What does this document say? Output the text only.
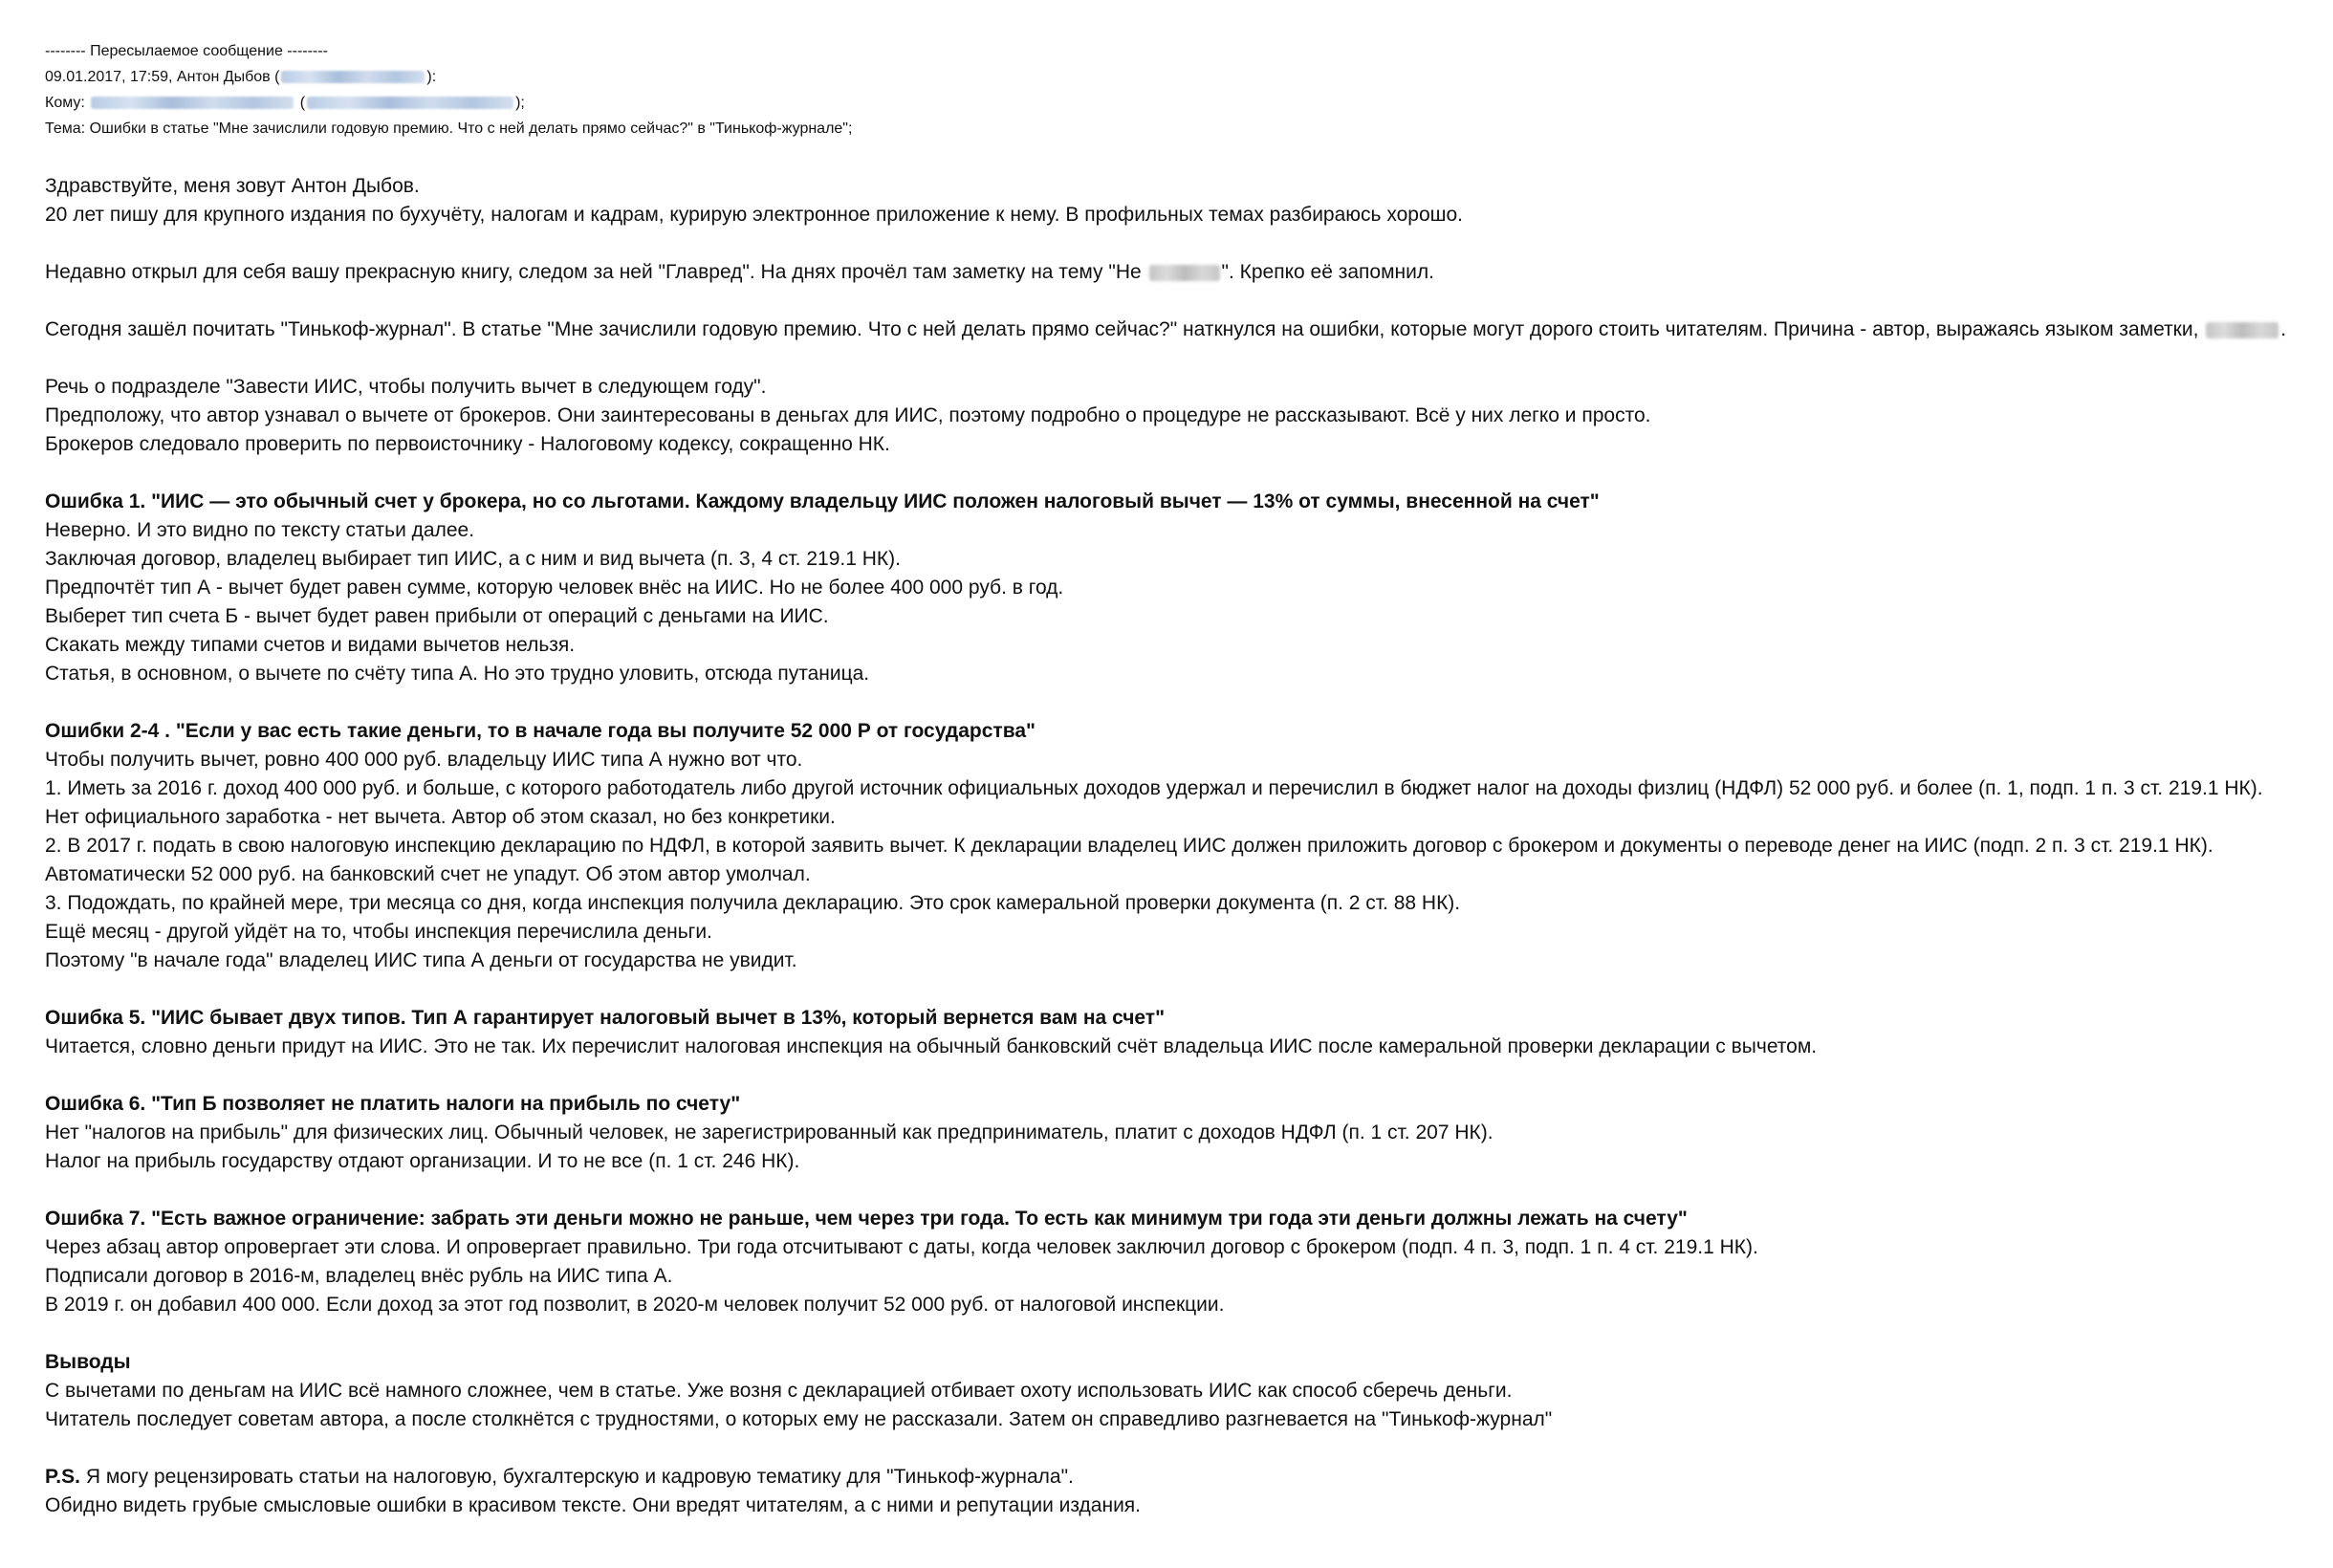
-------- Пересылаемое сообщение --------
09.01.2017, 17:59, Антон Дыбов (	):
Кому:	(	);
Тема: Ошибки в статье "Мне зачислили годовую премию. Что с ней делать прямо сейчас?" в "Тинькоф-журнале";
Здравствуйте, меня зовут Антон Дыбов.
20 лет пишу для крупного издания по бухучёту, налогам и кадрам, курирую электронное приложение к нему. В профильных темах разбираюсь хорошо.
Недавно открыл для себя вашу прекрасную книгу, следом за ней "Главред". На днях прочёл там заметку на тему "Не	". Крепко её запомнил.
Сегодня зашёл почитать "Тинькоф-журнал". В статье "Мне зачислили годовую премию. Что с ней делать прямо сейчас?" наткнулся на ошибки, которые могут дорого стоить читателям. Причина - автор, выражаясь языком заметки,	.
Речь о подразделе "Завести ИИС, чтобы получить вычет в следующем году".
Предположу, что автор узнавал о вычете от брокеров. Они заинтересованы в деньгах для ИИС, поэтому подробно о процедуре не рассказывают. Всё у них легко и просто.
Брокеров следовало проверить по первоисточнику - Налоговому кодексу, сокращенно НК.
Ошибка 1. "ИИС — это обычный счет у брокера, но со льготами. Каждому владельцу ИИС положен налоговый вычет — 13% от суммы, внесенной на счет"
Неверно. И это видно по тексту статьи далее.
Заключая договор, владелец выбирает тип ИИС, а с ним и вид вычета (п. 3, 4 ст. 219.1 НК).
Предпочтёт тип А - вычет будет равен сумме, которую человек внёс на ИИС. Но не более 400 000 руб. в год.
Выберет тип счета Б - вычет будет равен прибыли от операций с деньгами на ИИС.
Скакать между типами счетов и видами вычетов нельзя.
Статья, в основном, о вычете по счёту типа А. Но это трудно уловить, отсюда путаница.
Ошибки 2-4 . "Если у вас есть такие деньги, то в начале года вы получите 52 000 Р от государства"
Чтобы получить вычет, ровно 400 000 руб. владельцу ИИС типа А нужно вот что.
1. Иметь за 2016 г. доход 400 000 руб. и больше, с которого работодатель либо другой источник официальных доходов удержал и перечислил в бюджет налог на доходы физлиц (НДФЛ) 52 000 руб. и более (п. 1, подп. 1 п. 3 ст. 219.1 НК).
Нет официального заработка - нет вычета. Автор об этом сказал, но без конкретики.
2. В 2017 г. подать в свою налоговую инспекцию декларацию по НДФЛ, в которой заявить вычет. К декларации владелец ИИС должен приложить договор с брокером и документы о переводе денег на ИИС (подп. 2 п. 3 ст. 219.1 НК).
Автоматически 52 000 руб. на банковский счет не упадут. Об этом автор умолчал.
3. Подождать, по крайней мере, три месяца со дня, когда инспекция получила декларацию. Это срок камеральной проверки документа (п. 2 ст. 88 НК).
Ещё месяц - другой уйдёт на то, чтобы инспекция перечислила деньги.
Поэтому "в начале года" владелец ИИС типа А деньги от государства не увидит.
Ошибка 5. "ИИС бывает двух типов. Тип А гарантирует налоговый вычет в 13%, который вернется вам на счет"
Читается, словно деньги придут на ИИС. Это не так. Их перечислит налоговая инспекция на обычный банковский счёт владельца ИИС после камеральной проверки декларации с вычетом.
Ошибка 6. "Тип Б позволяет не платить налоги на прибыль по счету"
Нет "налогов на прибыль" для физических лиц. Обычный человек, не зарегистрированный как предприниматель, платит с доходов НДФЛ (п. 1 ст. 207 НК).
Налог на прибыль государству отдают организации. И то не все (п. 1 ст. 246 НК).
Ошибка 7. "Есть важное ограничение: забрать эти деньги можно не раньше, чем через три года. То есть как минимум три года эти деньги должны лежать на счету"
Через абзац автор опровергает эти слова. И опровергает правильно. Три года отсчитывают с даты, когда человек заключил договор с брокером (подп. 4 п. 3, подп. 1 п. 4 ст. 219.1 НК).
Подписали договор в 2016-м, владелец внёс рубль на ИИС типа А.
В 2019 г. он добавил 400 000. Если доход за этот год позволит, в 2020-м человек получит 52 000 руб. от налоговой инспекции.
Выводы
С вычетами по деньгам на ИИС всё намного сложнее, чем в статье. Уже возня с декларацией отбивает охоту использовать ИИС как способ сберечь деньги.
Читатель последует советам автора, а после столкнётся с трудностями, о которых ему не рассказали. Затем он справедливо разгневается на "Тинькоф-журнал"
P.S. Я могу рецензировать статьи на налоговую, бухгалтерскую и кадровую тематику для "Тинькоф-журнала".
Обидно видеть грубые смысловые ошибки в красивом тексте. Они вредят читателям, а с ними и репутации издания.
